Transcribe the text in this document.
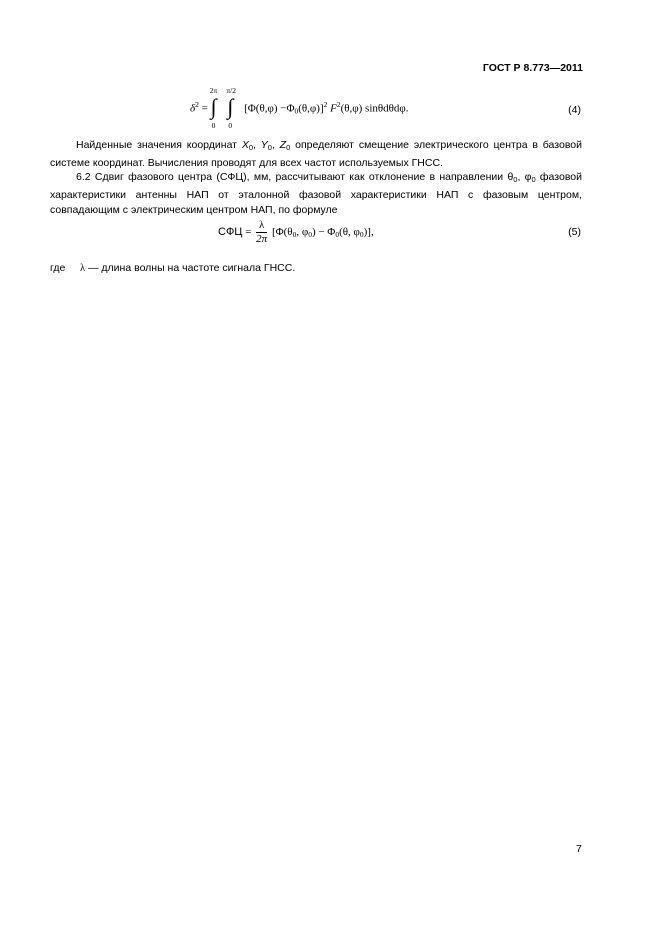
ГОСТ Р 8.773—2011
$\delta^2$ = ∫
2π
0

∫
π/2
0
$[\Phi(\theta,\varphi) -\Phi_0(\theta,\varphi)]^2$ $F^2(\theta,\varphi)$ sinθdθdφ.	(4)
Найденные значения координат $X_0$, $Y_0$, $Z_0$ определяют смещение электрического центра в базовой системе координат. Вычисления проводят для всех частот используемых ГНСС.
6.2 Сдвиг фазового центра (СФЦ), мм, рассчитывают как отклонение в направлении $\theta_0$, $\varphi_0$ фазовой характеристики антенны НАП от эталонной фазовой характеристики НАП с фазовым центром, совпадающим с электрическим центром НАП, по формуле
СФЦ = $\frac{\lambda}{2\pi} [\Phi(\theta_0$, $\varphi_0) - \Phi_0(\theta$, $\varphi_0$)],	(5)
где λ — длина волны на частоте сигнала ГНСС.
7
